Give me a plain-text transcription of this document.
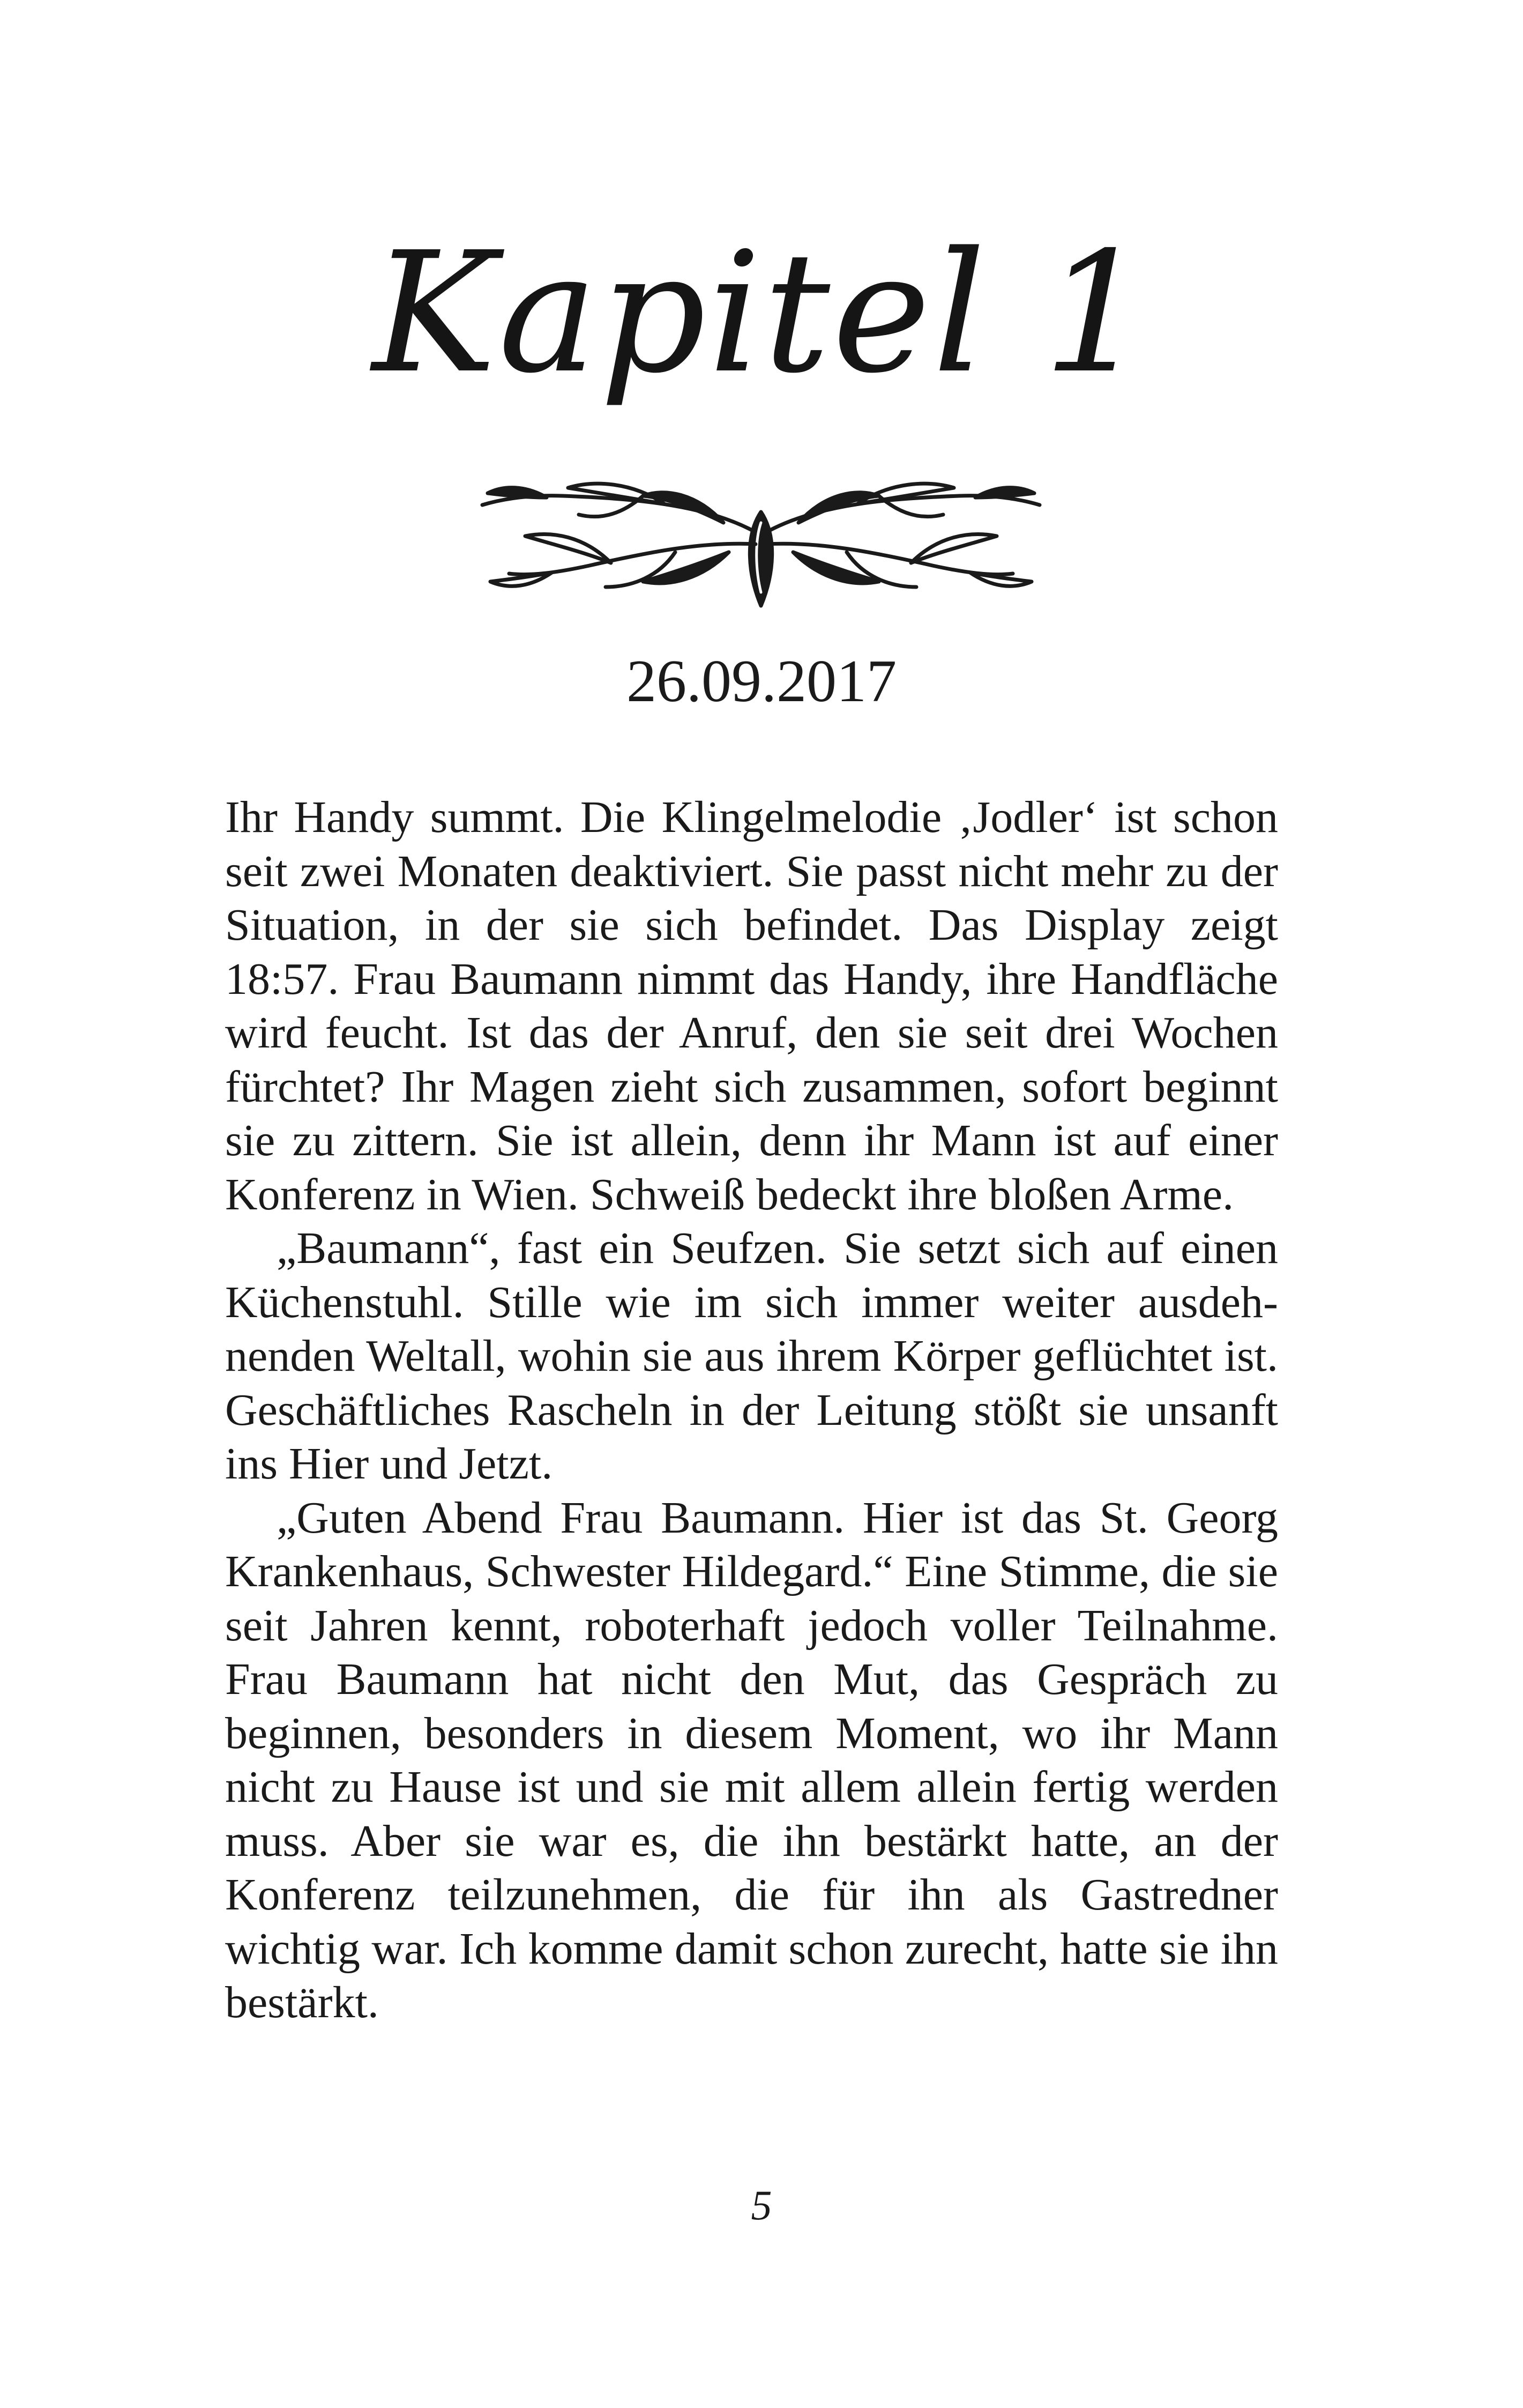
Kapitel 1
26.09.2017

Ihr Handy summt. Die Klingelmelodie ‚Jodler‘ ist schon seit zwei Monaten deaktiviert. Sie passt nicht mehr zu der Situation, in der sie sich befindet. Das Display zeigt 18:57. Frau Baumann nimmt das Handy, ihre Handfläche wird feucht. Ist das der Anruf, den sie seit drei Wochen fürchtet? Ihr Magen zieht sich zusammen, sofort beginnt sie zu zittern. Sie ist allein, denn ihr Mann ist auf einer Konferenz in Wien. Schweiß bedeckt ihre bloßen Arme.

„Baumann“, fast ein Seufzen. Sie setzt sich auf einen Küchenstuhl. Stille wie im sich immer weiter ausdehnenden Weltall, wohin sie aus ihrem Körper geflüchtet ist. Geschäftliches Rascheln in der Leitung stößt sie unsanft ins Hier und Jetzt.

„Guten Abend Frau Baumann. Hier ist das St. Georg Krankenhaus, Schwester Hildegard.“ Eine Stimme, die sie seit Jahren kennt, roboterhaft jedoch voller Teilnahme. Frau Baumann hat nicht den Mut, das Gespräch zu beginnen, besonders in diesem Moment, wo ihr Mann nicht zu Hause ist und sie mit allem allein fertig werden muss. Aber sie war es, die ihn bestärkt hatte, an der Konferenz teilzunehmen, die für ihn als Gastredner wichtig war. Ich komme damit schon zurecht, hatte sie ihn bestärkt.

5
